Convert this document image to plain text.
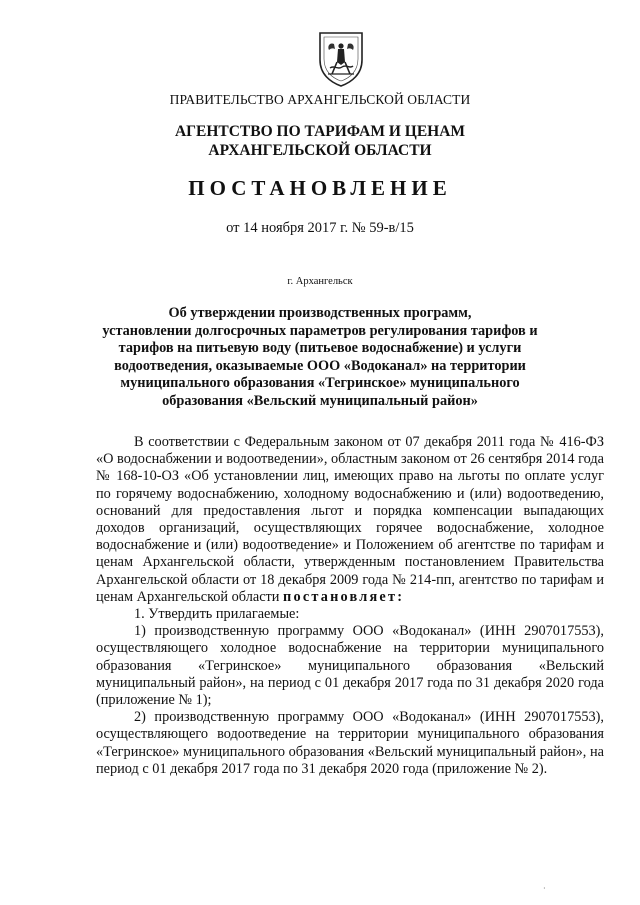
ПРАВИТЕЛЬСТВО АРХАНГЕЛЬСКОЙ ОБЛАСТИ
АГЕНТСТВО ПО ТАРИФАМ И ЦЕНАМ
АРХАНГЕЛЬСКОЙ ОБЛАСТИ
ПОСТАНОВЛЕНИЕ
от 14 ноября 2017 г. № 59-в/15
г. Архангельск
Об утверждении производственных программ,
установлении долгосрочных параметров регулирования тарифов и
тарифов на питьевую воду (питьевое водоснабжение) и услуги
водоотведения, оказываемые ООО «Водоканал» на территории
муниципального образования «Тегринское» муниципального
образования «Вельский муниципальный район»

В соответствии с Федеральным законом от 07 декабря 2011 года № 416-ФЗ «О водоснабжении и водоотведении», областным законом от 26 сентября 2014 года № 168-10-ОЗ «Об установлении лиц, имеющих право на льготы по оплате услуг по горячему водоснабжению, холодному водоснабжению и (или) водоотведению, оснований для предоставления льгот и порядка компенсации выпадающих доходов организаций, осуществляющих горячее водоснабжение, холодное водоснабжение и (или) водоотведение» и Положением об агентстве по тарифам и ценам Архангельской области, утвержденным постановлением Правительства Архангельской области от 18 декабря 2009 года № 214-пп, агентство по тарифам и ценам Архангельской области постановляет:

1. Утвердить прилагаемые:

1) производственную программу ООО «Водоканал» (ИНН 2907017553), осуществляющего холодное водоснабжение на территории муниципального образования «Тегринское» муниципального образования «Вельский муниципальный район», на период с 01 декабря 2017 года по 31 декабря 2020 года (приложение № 1);

2) производственную программу ООО «Водоканал» (ИНН 2907017553), осуществляющего водоотведение на территории муниципального образования «Тегринское» муниципального образования «Вельский муниципальный район», на период с 01 декабря 2017 года по 31 декабря 2020 года (приложение № 2).

·
